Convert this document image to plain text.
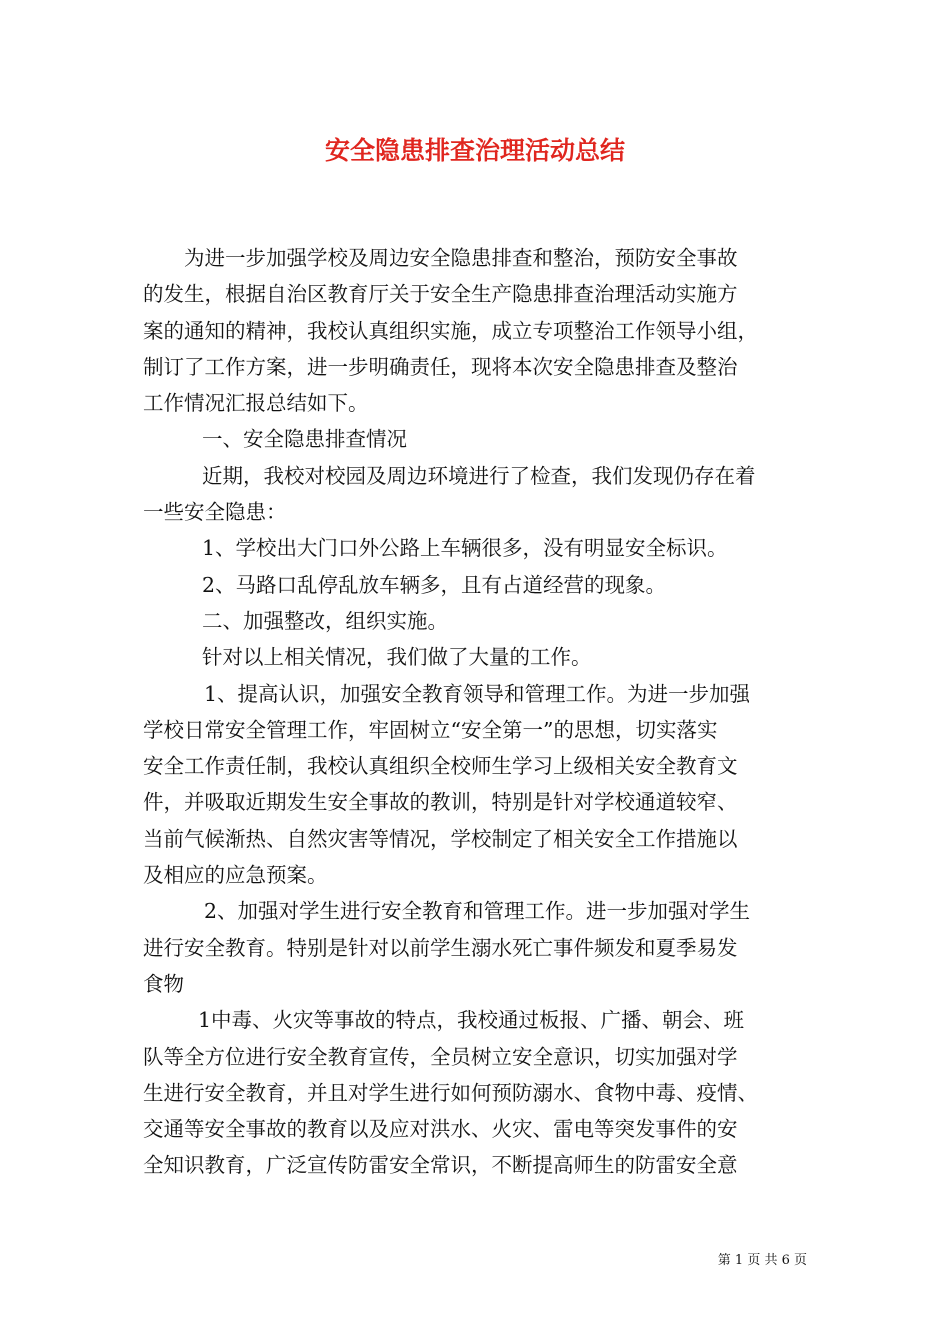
安全隐患排查治理活动总结
为进一步加强学校及周边安全隐患排查和整治，预防安全事故
的发生，根据自治区教育厅关于安全生产隐患排查治理活动实施方
案的通知的精神，我校认真组织实施，成立专项整治工作领导小组，
制订了工作方案，进一步明确责任，现将本次安全隐患排查及整治
工作情况汇报总结如下。
一、安全隐患排查情况
近期，我校对校园及周边环境进行了检查，我们发现仍存在着
一些安全隐患：
1、学校出大门口外公路上车辆很多，没有明显安全标识。
2、马路口乱停乱放车辆多，且有占道经营的现象。
二、加强整改，组织实施。
针对以上相关情况，我们做了大量的工作。
1、提高认识，加强安全教育领导和管理工作。为进一步加强
学校日常安全管理工作，牢固树立“安全第一”的思想，切实落实
安全工作责任制，我校认真组织全校师生学习上级相关安全教育文
件，并吸取近期发生安全事故的教训，特别是针对学校通道较窄、
当前气候渐热、自然灾害等情况，学校制定了相关安全工作措施以
及相应的应急预案。
2、加强对学生进行安全教育和管理工作。进一步加强对学生
进行安全教育。特别是针对以前学生溺水死亡事件频发和夏季易发
食物
1中毒、火灾等事故的特点，我校通过板报、广播、朝会、班
队等全方位进行安全教育宣传，全员树立安全意识，切实加强对学
生进行安全教育，并且对学生进行如何预防溺水、食物中毒、疫情、
交通等安全事故的教育以及应对洪水、火灾、雷电等突发事件的安
全知识教育，广泛宣传防雷安全常识，不断提高师生的防雷安全意
第 1 页 共 6 页
